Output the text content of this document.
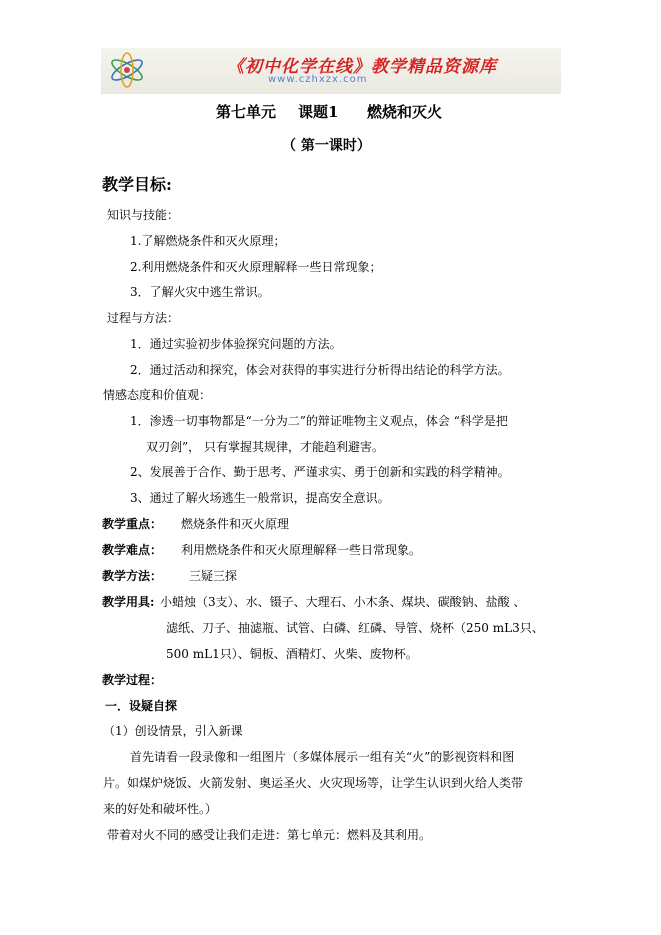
《初中化学在线》教学精品资源库
www.czhxzx.com
第七单元 课题1 燃烧和灭火
（ 第一课时）
教学目标:
知识与技能：
1.了解燃烧条件和灭火原理；
2.利用燃烧条件和灭火原理解释一些日常现象；
3．了解火灾中逃生常识。
过程与方法：
1．通过实验初步体验探究问题的方法。
2．通过活动和探究，体会对获得的事实进行分析得出结论的科学方法。
情感态度和价值观：
1．渗透一切事物都是“一分为二”的辩证唯物主义观点，体会 “科学是把
双刃剑”， 只有掌握其规律，才能趋利避害。
2、发展善于合作、勤于思考、严谨求实、勇于创新和实践的科学精神。
3、通过了解火场逃生一般常识，提高安全意识。
教学重点： 燃烧条件和灭火原理
教学难点： 利用燃烧条件和灭火原理解释一些日常现象。
教学方法： 三疑三探
教学用具: 小蜡烛（3支）、水、镊子、大理石、小木条、煤块、碳酸钠、盐酸 、
滤纸、刀子、抽滤瓶、试管、白磷、红磷、导管、烧杯（250 mL3只、
500 mL1只）、铜板、酒精灯、火柴、废物杯。
教学过程：
一．设疑自探
（1）创设情景，引入新课
首先请看一段录像和一组图片（多媒体展示一组有关“火”的影视资料和图
片。如煤炉烧饭、火箭发射、奥运圣火、火灾现场等，让学生认识到火给人类带
来的好处和破坏性。）
带着对火不同的感受让我们走进：第七单元：燃料及其利用。
